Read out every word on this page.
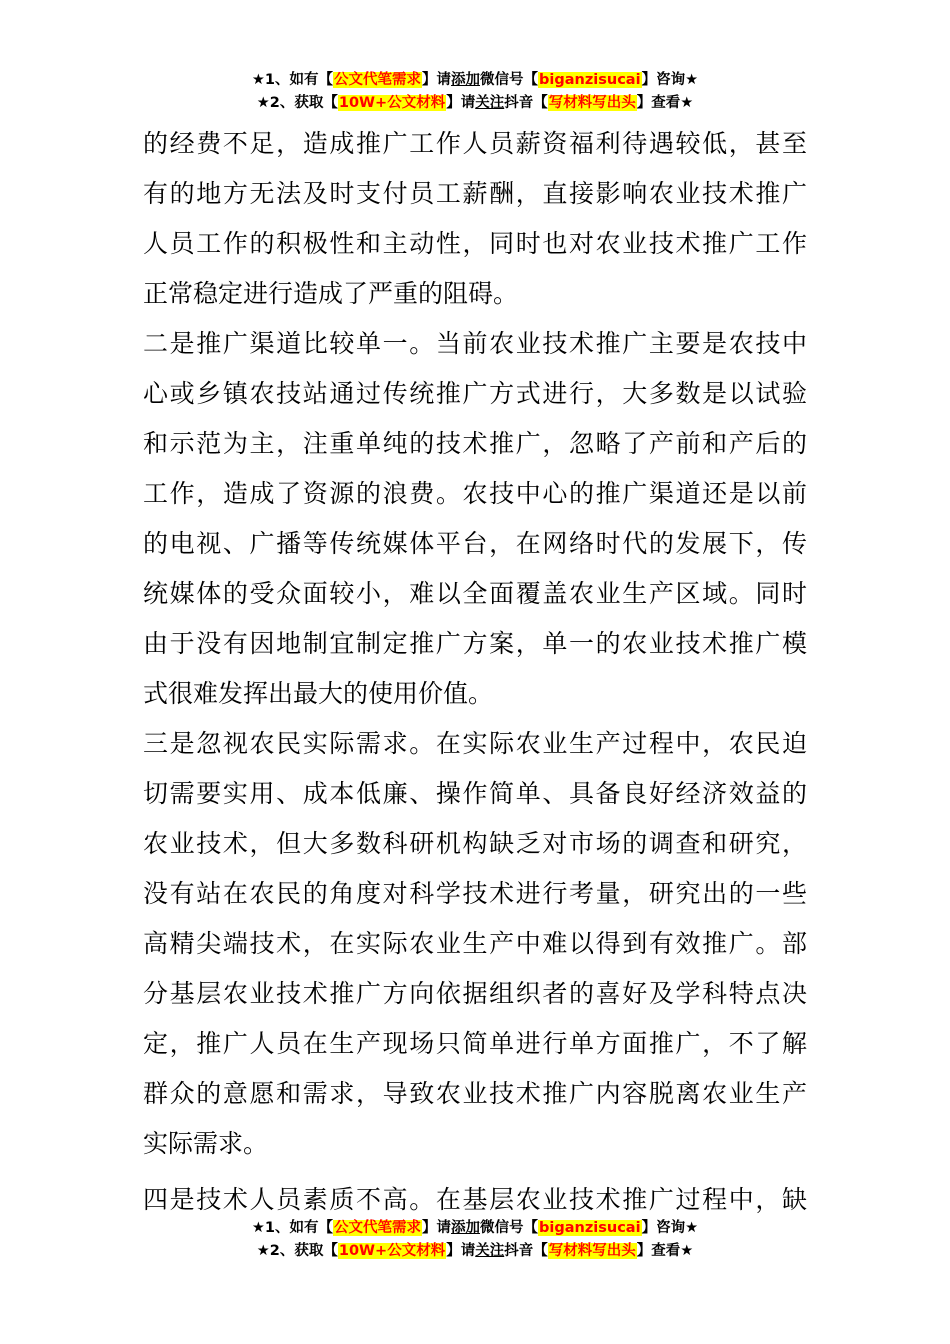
★1、如有【公文代笔需求】请添加微信号【biganzisucai】咨询★
★2、获取【10W+公文材料】请关注抖音【写材料写出头】查看★

的经费不足，造成推广工作人员薪资福利待遇较低，甚至
有的地方无法及时支付员工薪酬，直接影响农业技术推广
人员工作的积极性和主动性，同时也对农业技术推广工作
正常稳定进行造成了严重的阻碍。

二是推广渠道比较单一。当前农业技术推广主要是农技中
心或乡镇农技站通过传统推广方式进行，大多数是以试验
和示范为主，注重单纯的技术推广，忽略了产前和产后的
工作，造成了资源的浪费。农技中心的推广渠道还是以前
的电视、广播等传统媒体平台，在网络时代的发展下，传
统媒体的受众面较小，难以全面覆盖农业生产区域。同时
由于没有因地制宜制定推广方案，单一的农业技术推广模
式很难发挥出最大的使用价值。

三是忽视农民实际需求。在实际农业生产过程中，农民迫
切需要实用、成本低廉、操作简单、具备良好经济效益的
农业技术，但大多数科研机构缺乏对市场的调查和研究，
没有站在农民的角度对科学技术进行考量，研究出的一些
高精尖端技术，在实际农业生产中难以得到有效推广。部
分基层农业技术推广方向依据组织者的喜好及学科特点决
定，推广人员在生产现场只简单进行单方面推广，不了解
群众的意愿和需求，导致农业技术推广内容脱离农业生产
实际需求。

四是技术人员素质不高。在基层农业技术推广过程中，缺

★1、如有【公文代笔需求】请添加微信号【biganzisucai】咨询★
★2、获取【10W+公文材料】请关注抖音【写材料写出头】查看★
